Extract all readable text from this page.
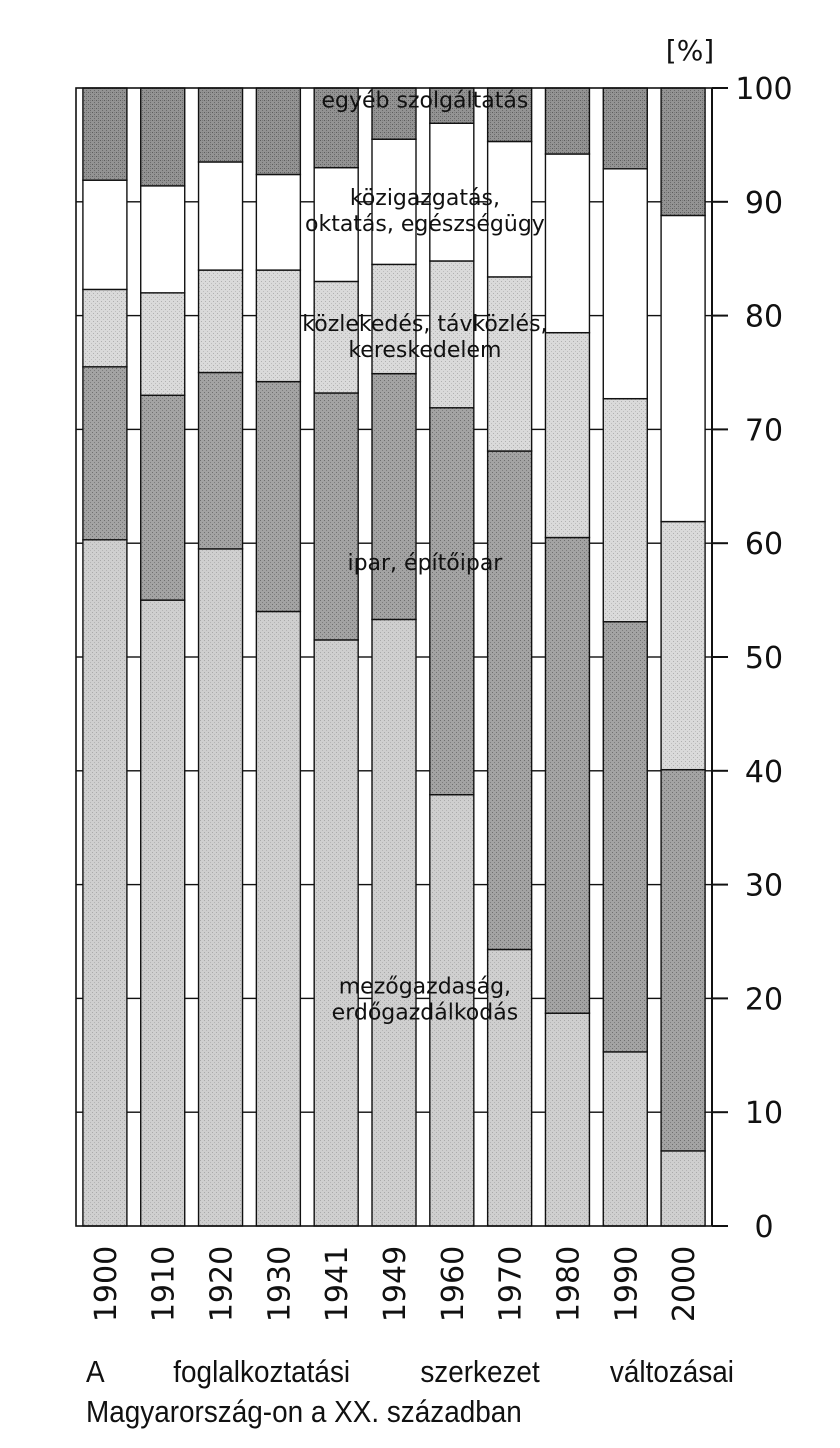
mezőgazdaság,
erdőgazdálkodás
ipar, építőipar
közlekedés, távközlés,
kereskedelem
közigazgatás,
oktatás, egészségügy
egyéb szolgáltatás
[%]
0
10
20
30
40
50
60
70
80
90
100
1900 1910 1920 1930 1941 1949 1960 1970 1980 1990 2000
A foglalkoztatási szerkezet változásai Magyarország-on a XX. században
